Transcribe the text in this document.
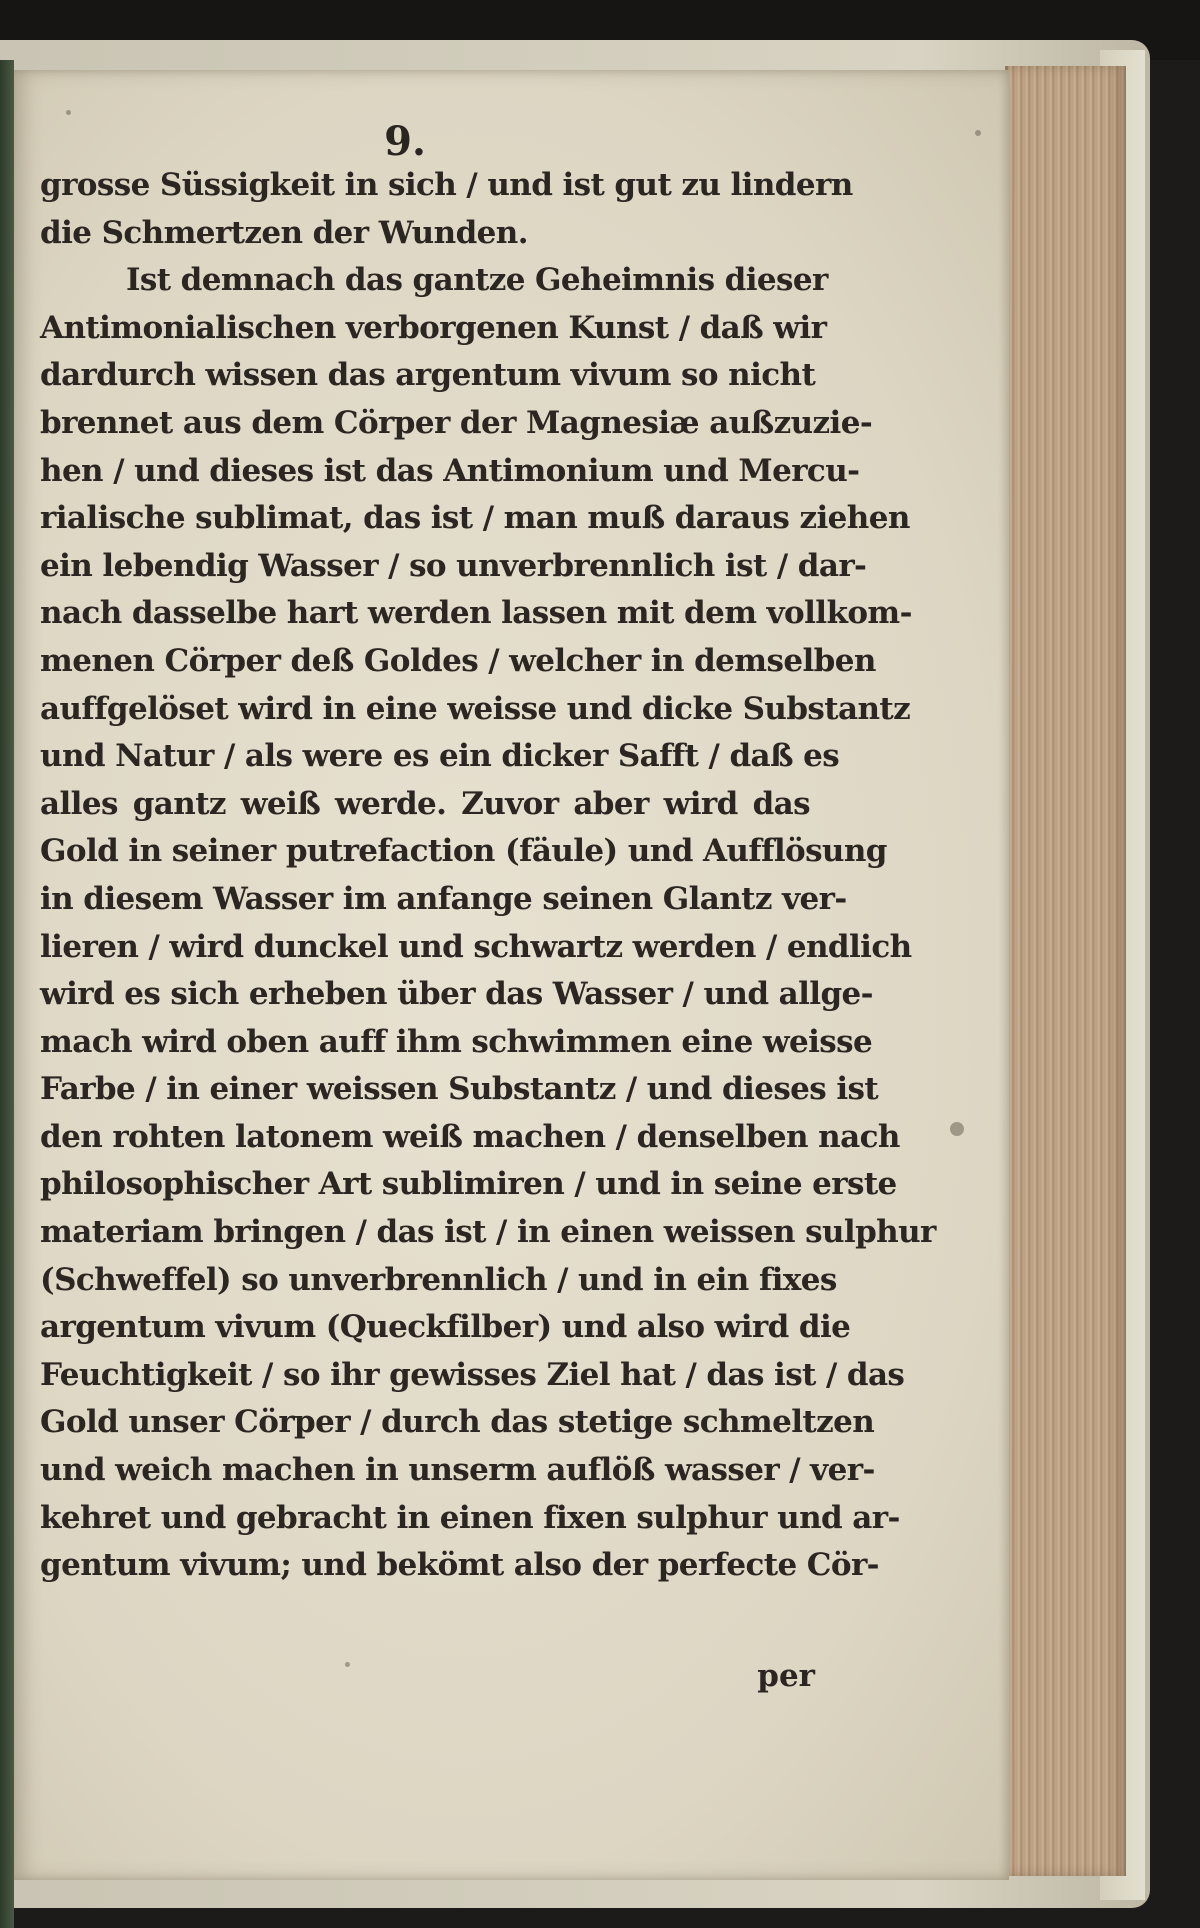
9.
grosse Süssigkeit in sich / und ist gut zu lindern
die Schmertzen der Wunden.
Ist demnach das gantze Geheimnis dieser
Antimonialischen verborgenen Kunst / daß wir
dardurch wissen das argentum vivum so nicht
brennet aus dem Cörper der Magnesiæ außzuzie-
hen / und dieses ist das Antimonium und Mercu-
rialische sublimat, das ist / man muß daraus ziehen
ein lebendig Wasser / so unverbrennlich ist / dar-
nach dasselbe hart werden lassen mit dem vollkom-
menen Cörper deß Goldes / welcher in demselben
auffgelöset wird in eine weisse und dicke Substantz
und Natur / als were es ein dicker Safft / daß es
alles gantz weiß werde. Zuvor aber wird das
Gold in seiner putrefaction (fäule) und Aufflösung
in diesem Wasser im anfange seinen Glantz ver-
lieren / wird dunckel und schwartz werden / endlich
wird es sich erheben über das Wasser / und allge-
mach wird oben auff ihm schwimmen eine weisse
Farbe / in einer weissen Substantz / und dieses ist
den rohten latonem weiß machen / denselben nach
philosophischer Art sublimiren / und in seine erste
materiam bringen / das ist / in einen weissen sulphur
(Schweffel) so unverbrennlich / und in ein fixes
argentum vivum (Queckfilber) und also wird die
Feuchtigkeit / so ihr gewisses Ziel hat / das ist / das
Gold unser Cörper / durch das stetige schmeltzen
und weich machen in unserm auflöß wasser / ver-
kehret und gebracht in einen fixen sulphur und ar-
gentum vivum; und bekömt also der perfecte Cör-
per
